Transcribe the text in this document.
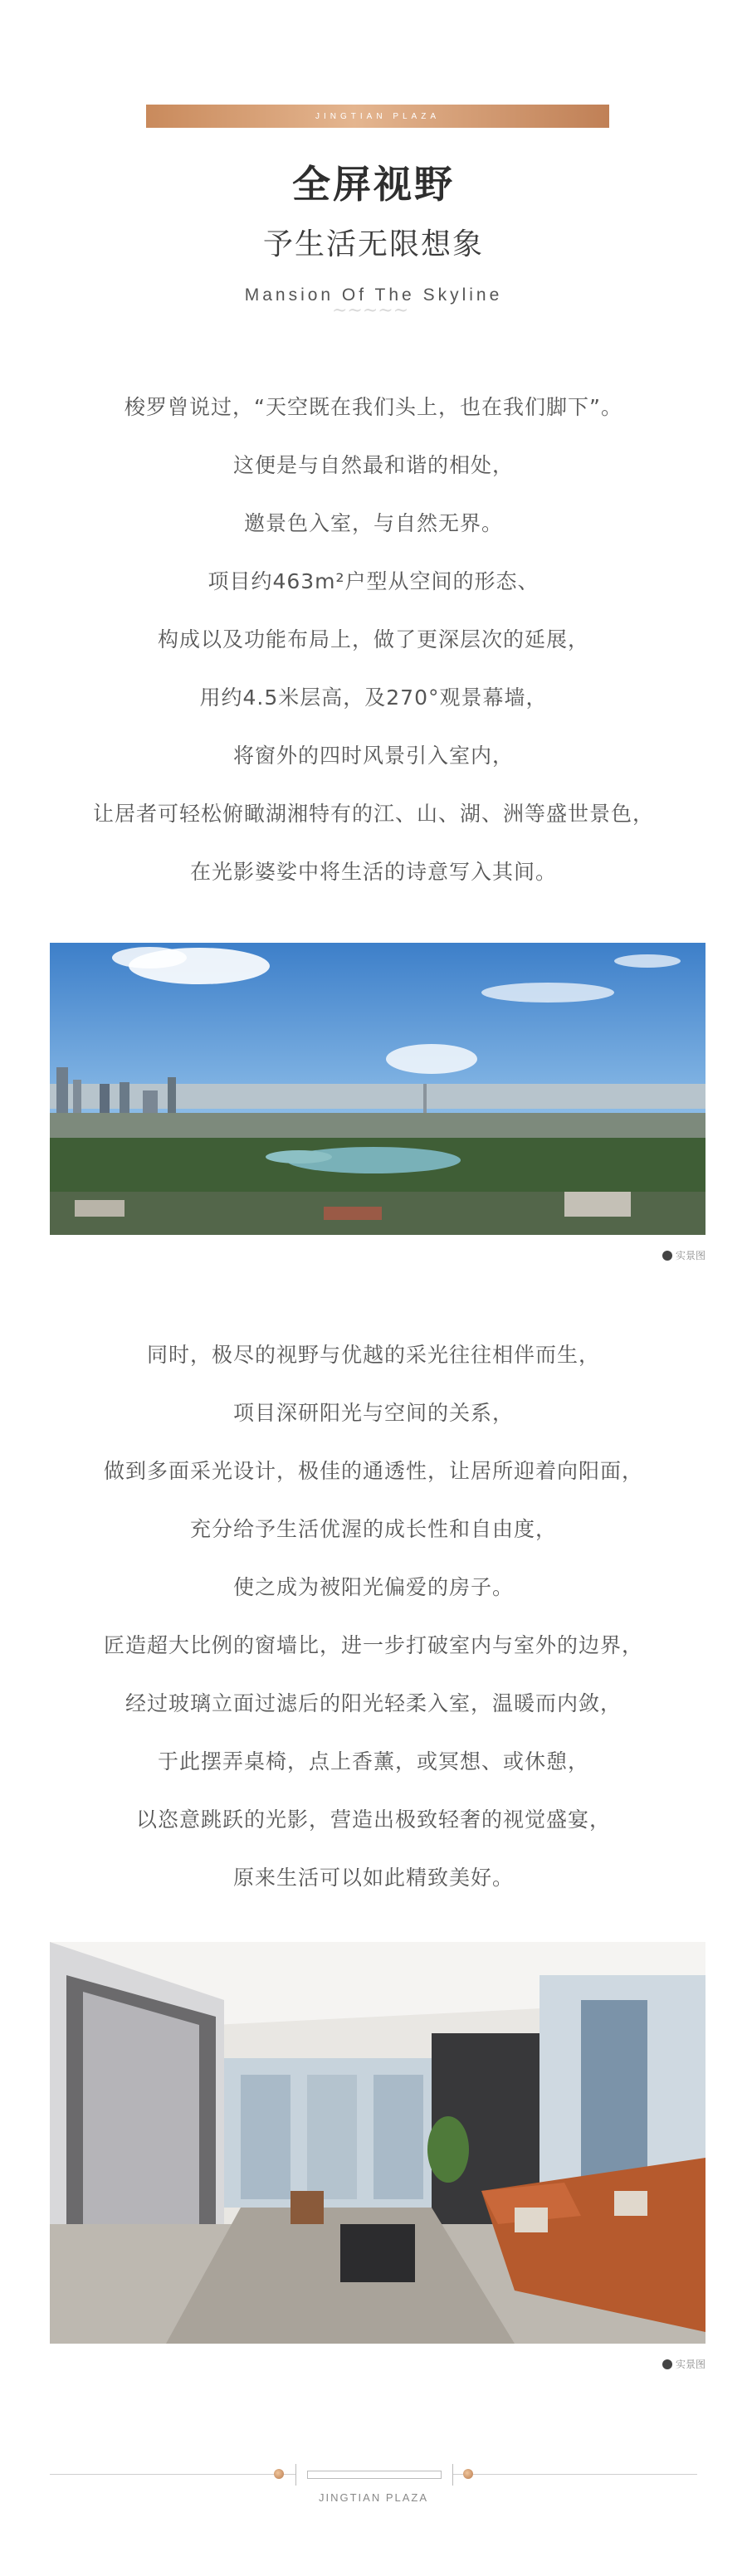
JINGTIAN PLAZA
全屏视野
予生活无限想象
Mansion Of The Skyline
~~~~~
梭罗曾说过，“天空既在我们头上，也在我们脚下”。
这便是与自然最和谐的相处，
邀景色入室，与自然无界。
项目约463m²户型从空间的形态、
构成以及功能布局上，做了更深层次的延展，
用约4.5米层高，及270°观景幕墙，
将窗外的四时风景引入室内，
让居者可轻松俯瞰湖湘特有的江、山、湖、洲等盛世景色，
在光影婆娑中将生活的诗意写入其间。
实景图
同时，极尽的视野与优越的采光往往相伴而生，
项目深研阳光与空间的关系，
做到多面采光设计，极佳的通透性，让居所迎着向阳面，
充分给予生活优渥的成长性和自由度，
使之成为被阳光偏爱的房子。
匠造超大比例的窗墙比，进一步打破室内与室外的边界，
经过玻璃立面过滤后的阳光轻柔入室，温暖而内敛，
于此摆弄桌椅，点上香薰，或冥想、或休憩，
以恣意跳跃的光影，营造出极致轻奢的视觉盛宴，
原来生活可以如此精致美好。
实景图
JINGTIAN PLAZA
